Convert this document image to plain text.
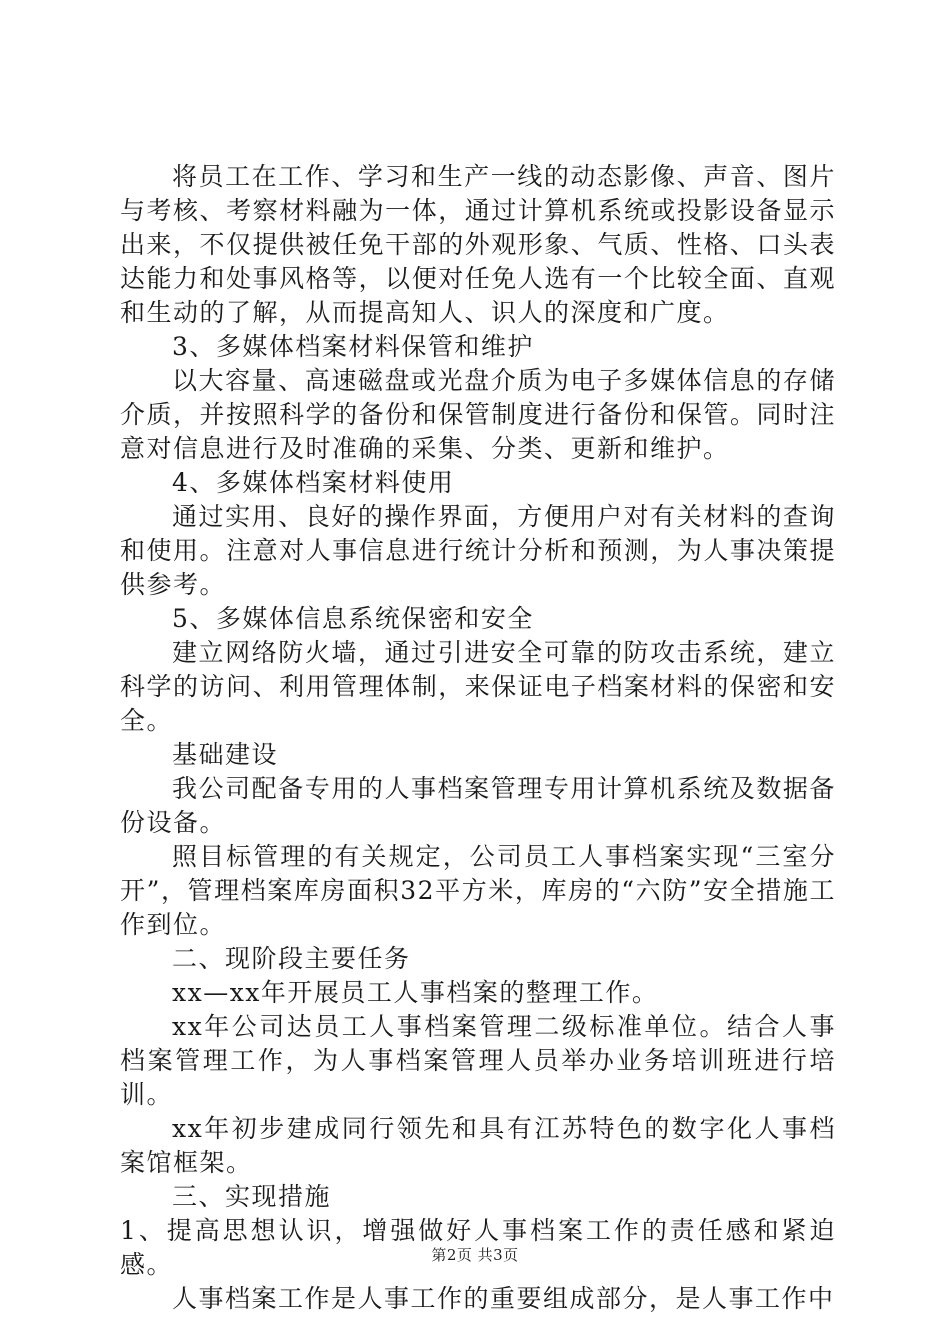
将员工在工作、学习和生产一线的动态影像、声音、图片与考核、考察材料融为一体，通过计算机系统或投影设备显示出来，不仅提供被任免干部的外观形象、气质、性格、口头表达能力和处事风格等，以便对任免人选有一个比较全面、直观和生动的了解，从而提高知人、识人的深度和广度。

3、多媒体档案材料保管和维护

以大容量、高速磁盘或光盘介质为电子多媒体信息的存储介质，并按照科学的备份和保管制度进行备份和保管。同时注意对信息进行及时准确的采集、分类、更新和维护。

4、多媒体档案材料使用

通过实用、良好的操作界面，方便用户对有关材料的查询和使用。注意对人事信息进行统计分析和预测，为人事决策提供参考。

5、多媒体信息系统保密和安全

建立网络防火墙，通过引进安全可靠的防攻击系统，建立科学的访问、利用管理体制，来保证电子档案材料的保密和安全。

基础建设

我公司配备专用的人事档案管理专用计算机系统及数据备份设备。

照目标管理的有关规定，公司员工人事档案实现“三室分开”，管理档案库房面积32平方米，库房的“六防”安全措施工作到位。

二、现阶段主要任务

xx—xx年开展员工人事档案的整理工作。

xx年公司达员工人事档案管理二级标准单位。结合人事档案管理工作，为人事档案管理人员举办业务培训班进行培训。

xx年初步建成同行领先和具有江苏特色的数字化人事档案馆框架。

三、实现措施

1、提高思想认识，增强做好人事档案工作的责任感和紧迫感。

人事档案工作是人事工作的重要组成部分，是人事工作中

第2页 共3页
